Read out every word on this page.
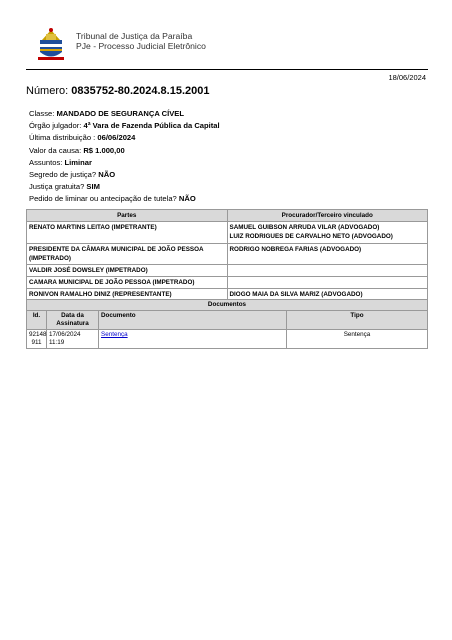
Tribunal de Justiça da Paraíba
PJe - Processo Judicial Eletrônico
18/06/2024
Número: 0835752-80.2024.8.15.2001
Classe: MANDADO DE SEGURANÇA CÍVEL
Órgão julgador: 4ª Vara de Fazenda Pública da Capital
Última distribuição : 06/06/2024
Valor da causa: R$ 1.000,00
Assuntos: Liminar
Segredo de justiça? NÃO
Justiça gratuita? SIM
Pedido de liminar ou antecipação de tutela? NÃO
Partes	Procurador/Terceiro vinculado
RENATO MARTINS LEITAO (IMPETRANTE)	SAMUEL GUIBSON ARRUDA VILAR (ADVOGADO)
LUIZ RODRIGUES DE CARVALHO NETO (ADVOGADO)

PRESIDENTE DA CÂMARA MUNICIPAL DE JOÃO PESSOA (IMPETRADO)	RODRIGO NOBREGA FARIAS (ADVOGADO)

VALDIR JOSÉ DOWSLEY (IMPETRADO)	
CAMARA MUNICIPAL DE JOÃO PESSOA (IMPETRADO)	
RONIVON RAMALHO DINIZ (REPRESENTANTE)	DIOGO MAIA DA SILVA MARIZ (ADVOGADO)
Documentos			
Id.	Data da Assinatura	Documento	Tipo
92148 911	17/06/2024 11:19	Sentença	Sentença
